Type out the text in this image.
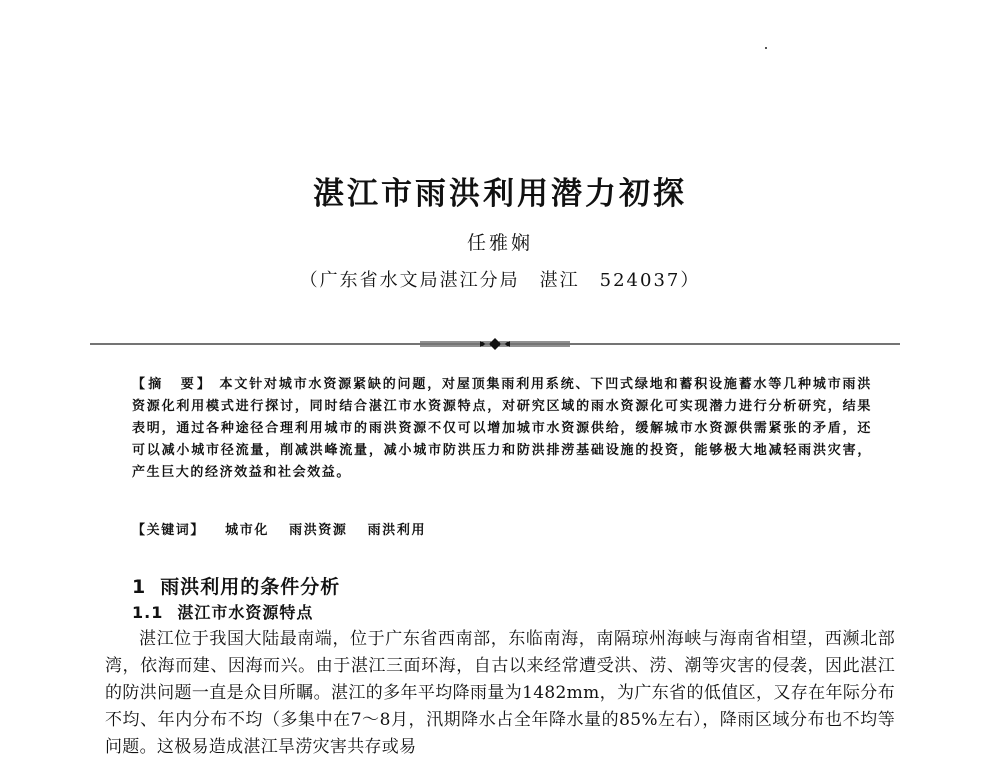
湛江市雨洪利用潜力初探
任雅娴
（广东省水文局湛江分局　湛江　524037）
【摘　要】 本文针对城市水资源紧缺的问题，对屋顶集雨利用系统、下凹式绿地和蓄积设施蓄水等几种城市雨洪资源化利用模式进行探讨，同时结合湛江市水资源特点，对研究区域的雨水资源化可实现潜力进行分析研究，结果表明，通过各种途径合理利用城市的雨洪资源不仅可以增加城市水资源供给，缓解城市水资源供需紧张的矛盾，还可以减小城市径流量，削减洪峰流量，减小城市防洪压力和防洪排涝基础设施的投资，能够极大地减轻雨洪灾害，产生巨大的经济效益和社会效益。
【关键词】 城市化 雨洪资源 雨洪利用
1 雨洪利用的条件分析
1.1 湛江市水资源特点
湛江位于我国大陆最南端，位于广东省西南部，东临南海，南隔琼州海峡与海南省相望，西濒北部湾，依海而建、因海而兴。由于湛江三面环海，自古以来经常遭受洪、涝、潮等灾害的侵袭，因此湛江的防洪问题一直是众目所瞩。湛江的多年平均降雨量为1482mm，为广东省的低值区，又存在年际分布不均、年内分布不均（多集中在7～8月，汛期降水占全年降水量的85%左右），降雨区域分布也不均等问题。这极易造成湛江旱涝灾害共存或易
